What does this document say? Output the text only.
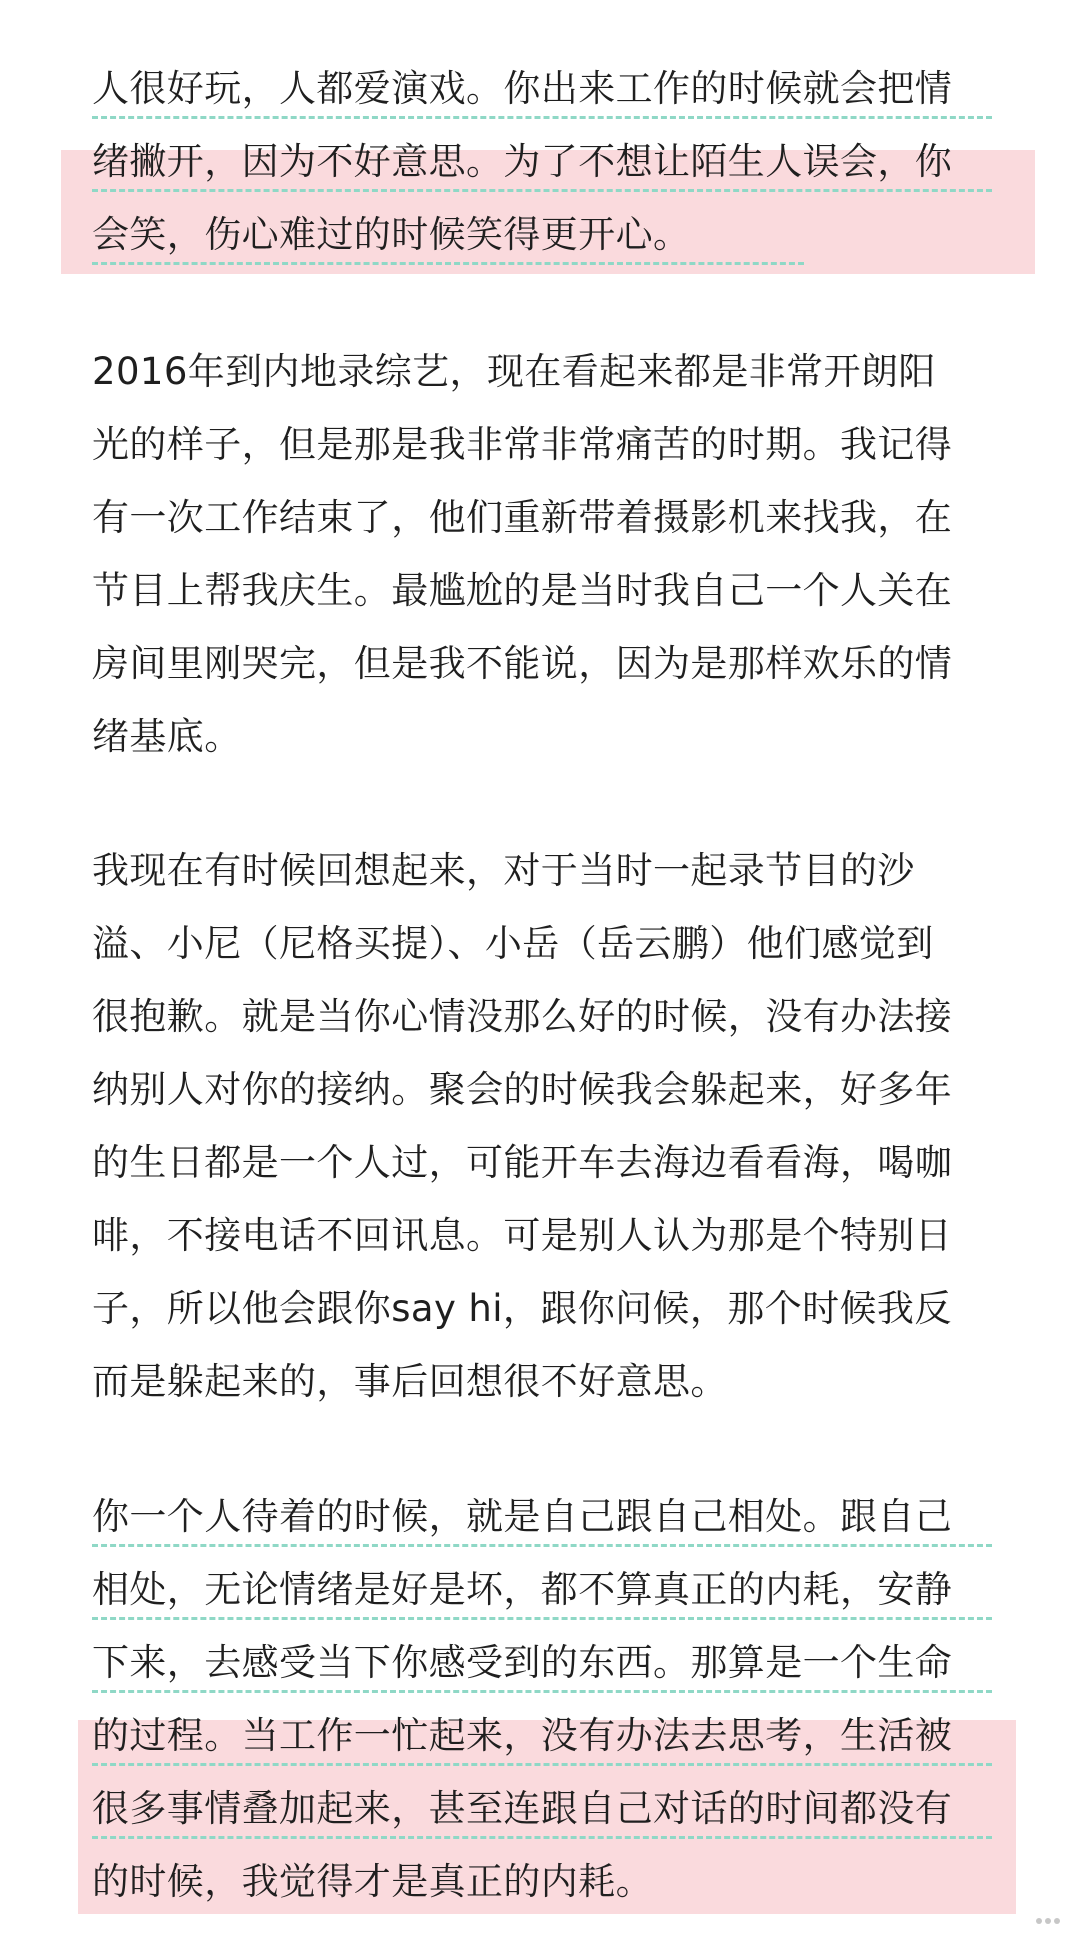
人很好玩，人都爱演戏。你出来工作的时候就会把情
绪撇开，因为不好意思。为了不想让陌生人误会，你
会笑，伤心难过的时候笑得更开心。
2016年到内地录综艺，现在看起来都是非常开朗阳
光的样子，但是那是我非常非常痛苦的时期。我记得
有一次工作结束了，他们重新带着摄影机来找我，在
节目上帮我庆生。最尴尬的是当时我自己一个人关在
房间里刚哭完，但是我不能说，因为是那样欢乐的情
绪基底。
我现在有时候回想起来，对于当时一起录节目的沙
溢、小尼（尼格买提）、小岳（岳云鹏）他们感觉到
很抱歉。就是当你心情没那么好的时候，没有办法接
纳别人对你的接纳。聚会的时候我会躲起来，好多年
的生日都是一个人过，可能开车去海边看看海，喝咖
啡，不接电话不回讯息。可是别人认为那是个特别日
子，所以他会跟你say hi，跟你问候，那个时候我反
而是躲起来的，事后回想很不好意思。
你一个人待着的时候，就是自己跟自己相处。跟自己
相处，无论情绪是好是坏，都不算真正的内耗，安静
下来，去感受当下你感受到的东西。那算是一个生命
的过程。当工作一忙起来，没有办法去思考，生活被
很多事情叠加起来，甚至连跟自己对话的时间都没有
的时候，我觉得才是真正的内耗。
